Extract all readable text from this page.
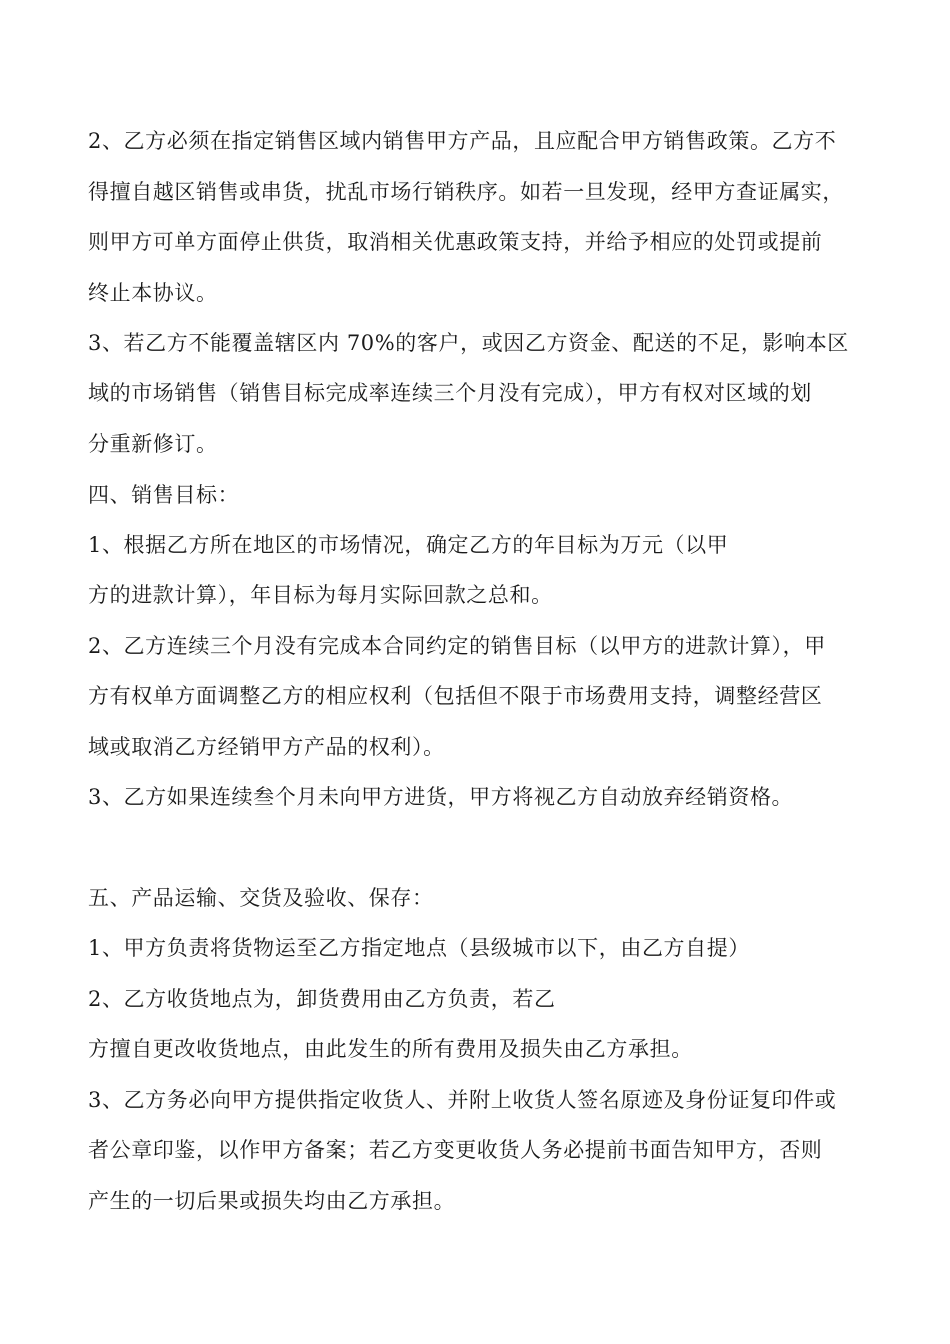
2、乙方必须在指定销售区域内销售甲方产品，且应配合甲方销售政策。乙方不
得擅自越区销售或串货，扰乱市场行销秩序。如若一旦发现，经甲方查证属实，
则甲方可单方面停止供货，取消相关优惠政策支持，并给予相应的处罚或提前
终止本协议。
3、若乙方不能覆盖辖区内 70%的客户，或因乙方资金、配送的不足，影响本区
域的市场销售（销售目标完成率连续三个月没有完成），甲方有权对区域的划
分重新修订。
四、销售目标：
1、根据乙方所在地区的市场情况，确定乙方的年目标为万元（以甲
方的进款计算），年目标为每月实际回款之总和。
2、乙方连续三个月没有完成本合同约定的销售目标（以甲方的进款计算），甲
方有权单方面调整乙方的相应权利（包括但不限于市场费用支持，调整经营区
域或取消乙方经销甲方产品的权利）。
3、乙方如果连续叁个月未向甲方进货，甲方将视乙方自动放弃经销资格。
五、产品运输、交货及验收、保存：
1、甲方负责将货物运至乙方指定地点（县级城市以下，由乙方自提）
2、乙方收货地点为，卸货费用由乙方负责，若乙
方擅自更改收货地点，由此发生的所有费用及损失由乙方承担。
3、乙方务必向甲方提供指定收货人、并附上收货人签名原迹及身份证复印件或
者公章印鉴，以作甲方备案；若乙方变更收货人务必提前书面告知甲方，否则
产生的一切后果或损失均由乙方承担。
